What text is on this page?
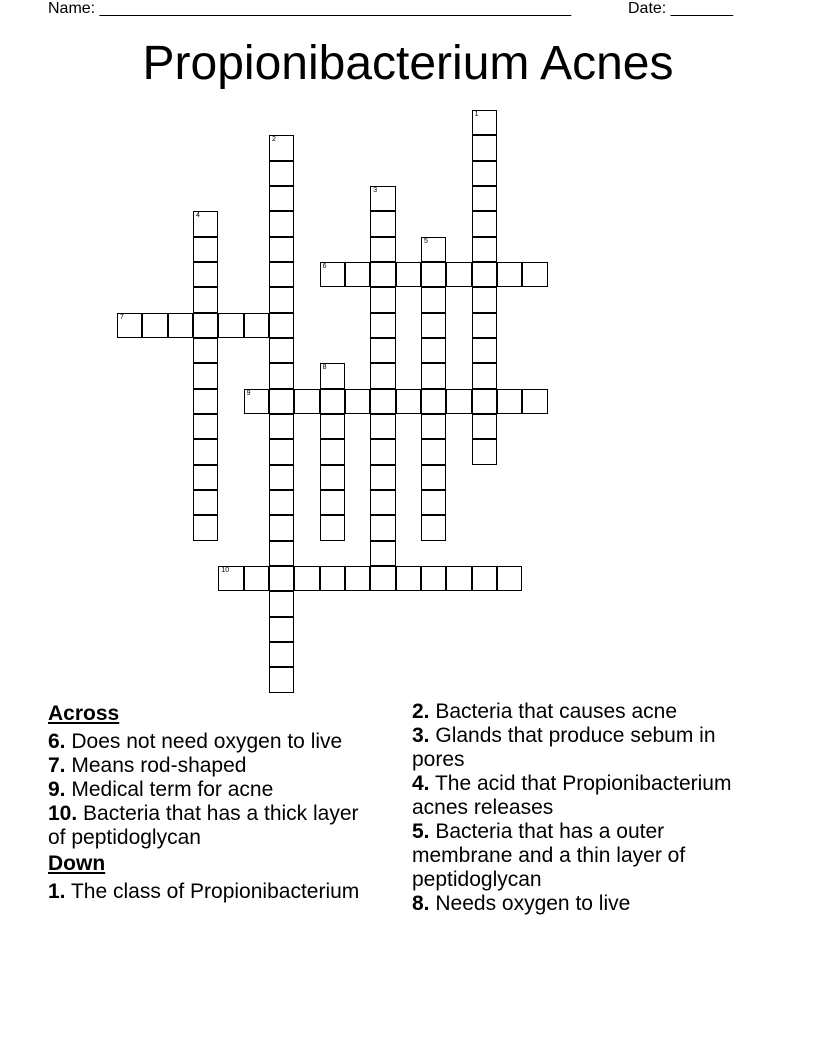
Name: _____________________________________________________	Date: _______
Propionibacterium Acnes
1
2
3
4
5
6
7
8
9
10
Across
6. Does not need oxygen to live
7. Means rod-shaped
9. Medical term for acne
10. Bacteria that has a thick layer of peptidoglycan
Down
1. The class of Propionibacterium
2. Bacteria that causes acne
3. Glands that produce sebum in pores
4. The acid that Propionibacterium acnes releases
5. Bacteria that has a outer membrane and a thin layer of peptidoglycan
8. Needs oxygen to live
